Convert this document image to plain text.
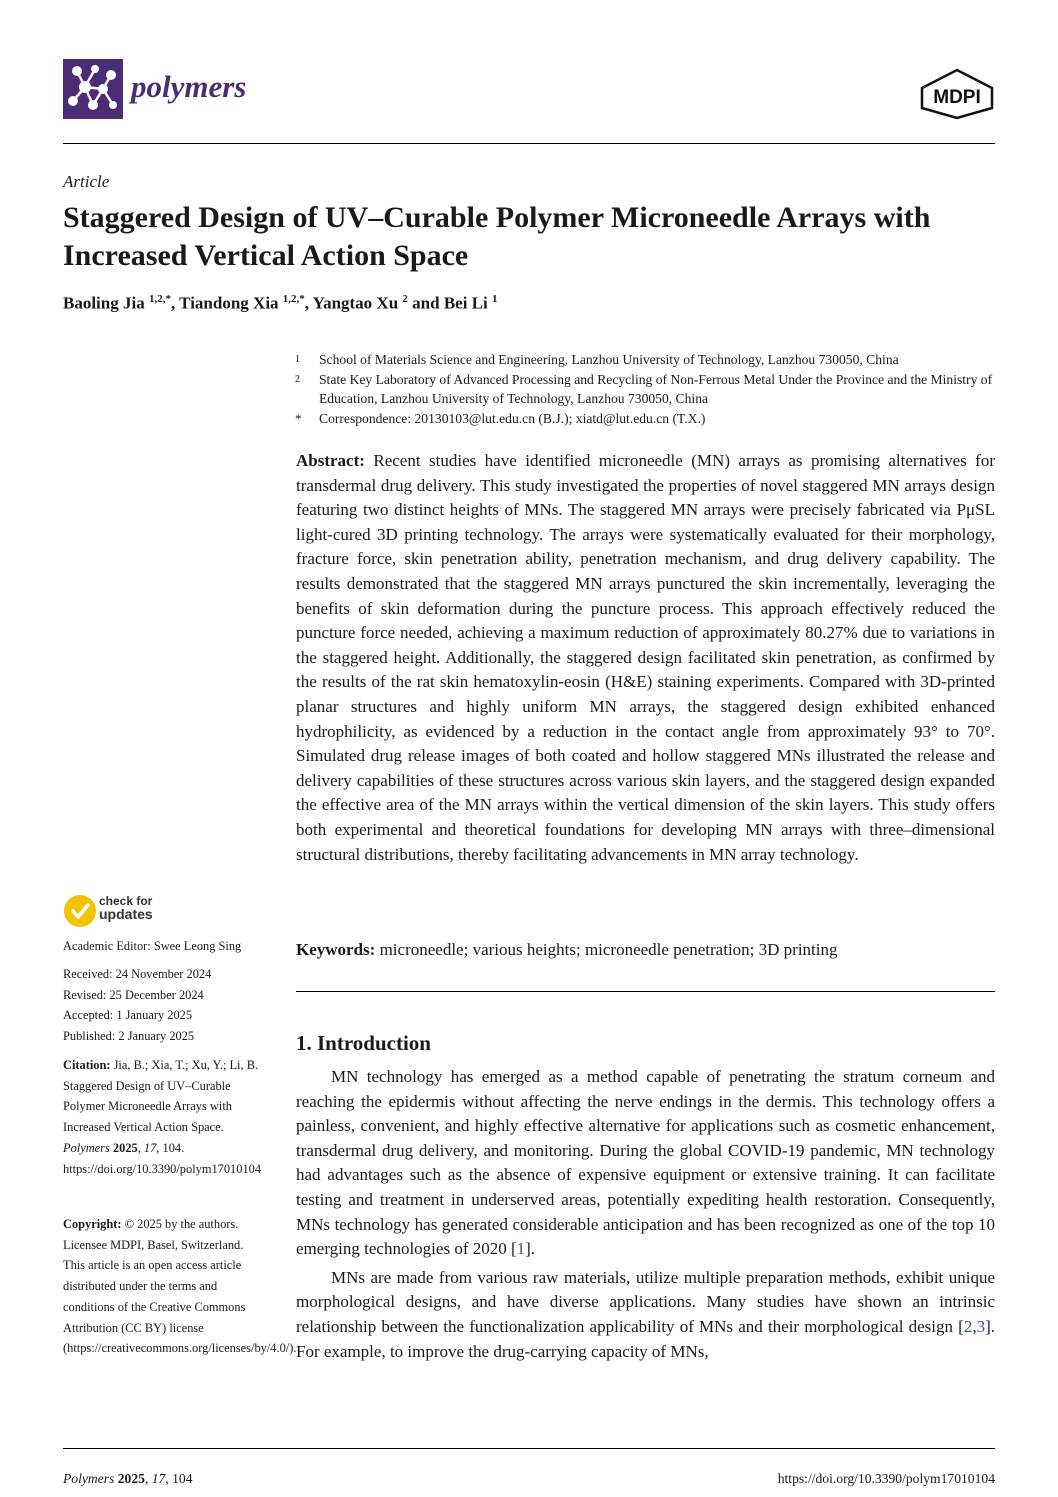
polymers	MDPI
Article
Staggered Design of UV–Curable Polymer Microneedle Arrays with Increased Vertical Action Space
Baoling Jia $^{1,2,*}$, Tiandong Xia $^{1,2,*}$, Yangtao Xu $^2$ and Bei Li $^1$
1	School of Materials Science and Engineering, Lanzhou University of Technology, Lanzhou 730050, China
2	State Key Laboratory of Advanced Processing and Recycling of Non-Ferrous Metal Under the Province and the Ministry of Education, Lanzhou University of Technology, Lanzhou 730050, China
*	Correspondence: 20130103@lut.edu.cn (B.J.); xiatd@lut.edu.cn (T.X.)
Abstract: Recent studies have identified microneedle (MN) arrays as promising alternatives for transdermal drug delivery. This study investigated the properties of novel staggered MN arrays design featuring two distinct heights of MNs. The staggered MN arrays were precisely fabricated via PμSL light-cured 3D printing technology. The arrays were systematically evaluated for their morphology, fracture force, skin penetration ability, penetration mechanism, and drug delivery capability. The results demonstrated that the staggered MN arrays punctured the skin incrementally, leveraging the benefits of skin deformation during the puncture process. This approach effectively reduced the puncture force needed, achieving a maximum reduction of approximately 80.27% due to variations in the staggered height. Additionally, the staggered design facilitated skin penetration, as confirmed by the results of the rat skin hematoxylin-eosin (H&E) staining experiments. Compared with 3D-printed planar structures and highly uniform MN arrays, the staggered design exhibited enhanced hydrophilicity, as evidenced by a reduction in the contact angle from approximately 93° to 70°. Simulated drug release images of both coated and hollow staggered MNs illustrated the release and delivery capabilities of these structures across various skin layers, and the staggered design expanded the effective area of the MN arrays within the vertical dimension of the skin layers. This study offers both experimental and theoretical foundations for developing MN arrays with three–dimensional structural distributions, thereby facilitating advancements in MN array technology.
Keywords: microneedle; various heights; microneedle penetration; 3D printing
check for
updates
Academic Editor: Swee Leong Sing

Received: 24 November 2024

Revised: 25 December 2024

Accepted: 1 January 2025

Published: 2 January 2025

Citation: Jia, B.; Xia, T.; Xu, Y.; Li, B. Staggered Design of UV–Curable Polymer Microneedle Arrays with Increased Vertical Action Space. Polymers 2025, 17, 104. https://doi.org/10.3390/polym17010104
Copyright: © 2025 by the authors. Licensee MDPI, Basel, Switzerland. This article is an open access article distributed under the terms and conditions of the Creative Commons Attribution (CC BY) license (https://creativecommons.org/licenses/by/4.0/).
1. Introduction

MN technology has emerged as a method capable of penetrating the stratum corneum and reaching the epidermis without affecting the nerve endings in the dermis. This technology offers a painless, convenient, and highly effective alternative for applications such as cosmetic enhancement, transdermal drug delivery, and monitoring. During the global COVID-19 pandemic, MN technology had advantages such as the absence of expensive equipment or extensive training. It can facilitate testing and treatment in underserved areas, potentially expediting health restoration. Consequently, MNs technology has generated considerable anticipation and has been recognized as one of the top 10 emerging technologies of 2020 [1].

MNs are made from various raw materials, utilize multiple preparation methods, exhibit unique morphological designs, and have diverse applications. Many studies have shown an intrinsic relationship between the functionalization applicability of MNs and their morphological design [2,3]. For example, to improve the drug-carrying capacity of MNs,

Polymers 2025, 17, 104	https://doi.org/10.3390/polym17010104
